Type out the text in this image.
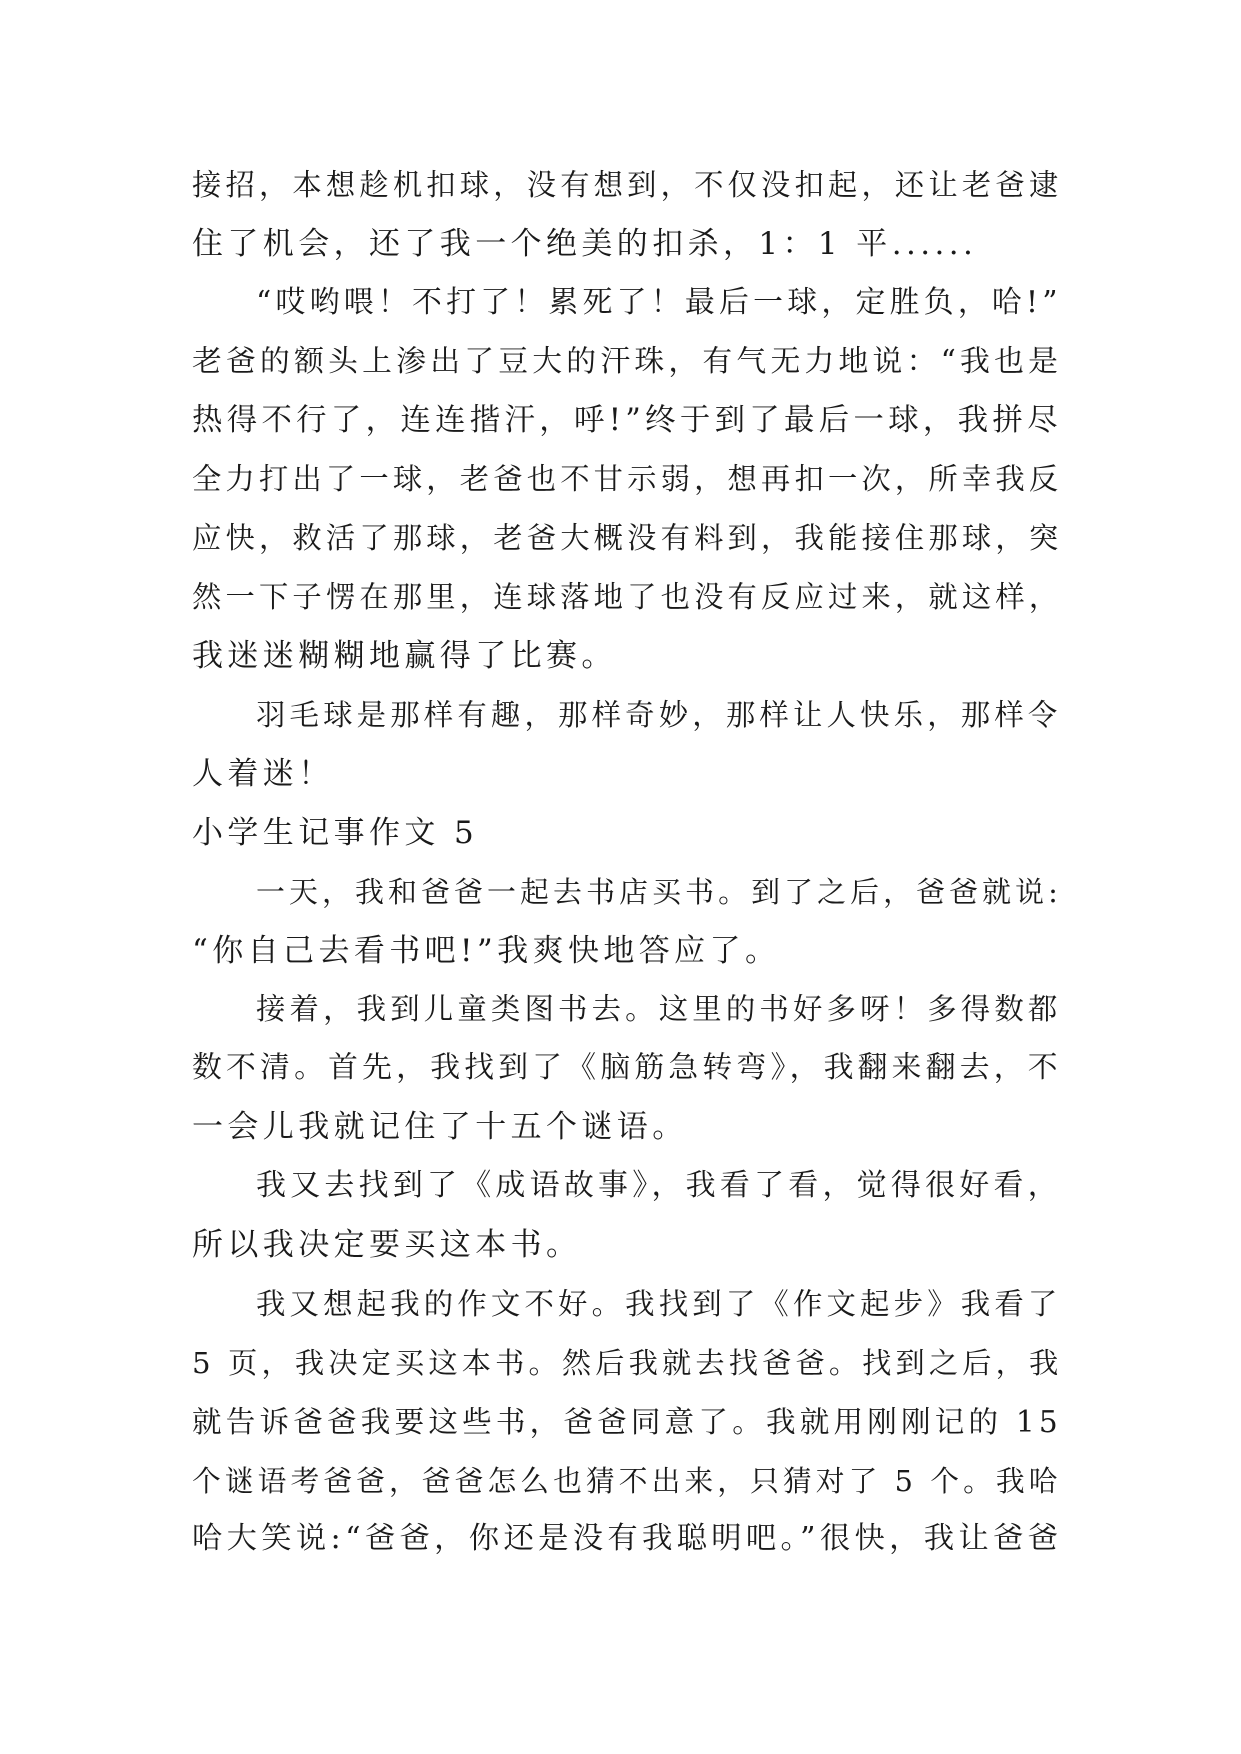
接招，本想趁机扣球，没有想到，不仅没扣起，还让老爸逮
住了机会，还了我一个绝美的扣杀，1：1 平......
“哎哟喂！不打了！累死了！最后一球，定胜负，哈!”
老爸的额头上渗出了豆大的汗珠，有气无力地说：“我也是
热得不行了，连连揩汗，呼!”终于到了最后一球，我拼尽
全力打出了一球，老爸也不甘示弱，想再扣一次，所幸我反
应快，救活了那球，老爸大概没有料到，我能接住那球，突
然一下子愣在那里，连球落地了也没有反应过来，就这样，
我迷迷糊糊地赢得了比赛。
羽毛球是那样有趣，那样奇妙，那样让人快乐，那样令
人着迷！
小学生记事作文 5
一天，我和爸爸一起去书店买书。到了之后，爸爸就说:
“你自己去看书吧!”我爽快地答应了。
接着，我到儿童类图书去。这里的书好多呀！多得数都
数不清。首先，我找到了《脑筋急转弯》，我翻来翻去，不
一会儿我就记住了十五个谜语。
我又去找到了《成语故事》，我看了看，觉得很好看，
所以我决定要买这本书。
我又想起我的作文不好。我找到了《作文起步》我看了
5 页，我决定买这本书。然后我就去找爸爸。找到之后，我
就告诉爸爸我要这些书，爸爸同意了。我就用刚刚记的 15
个谜语考爸爸，爸爸怎么也猜不出来，只猜对了 5 个。我哈
哈大笑说:“爸爸，你还是没有我聪明吧。”很快，我让爸爸
